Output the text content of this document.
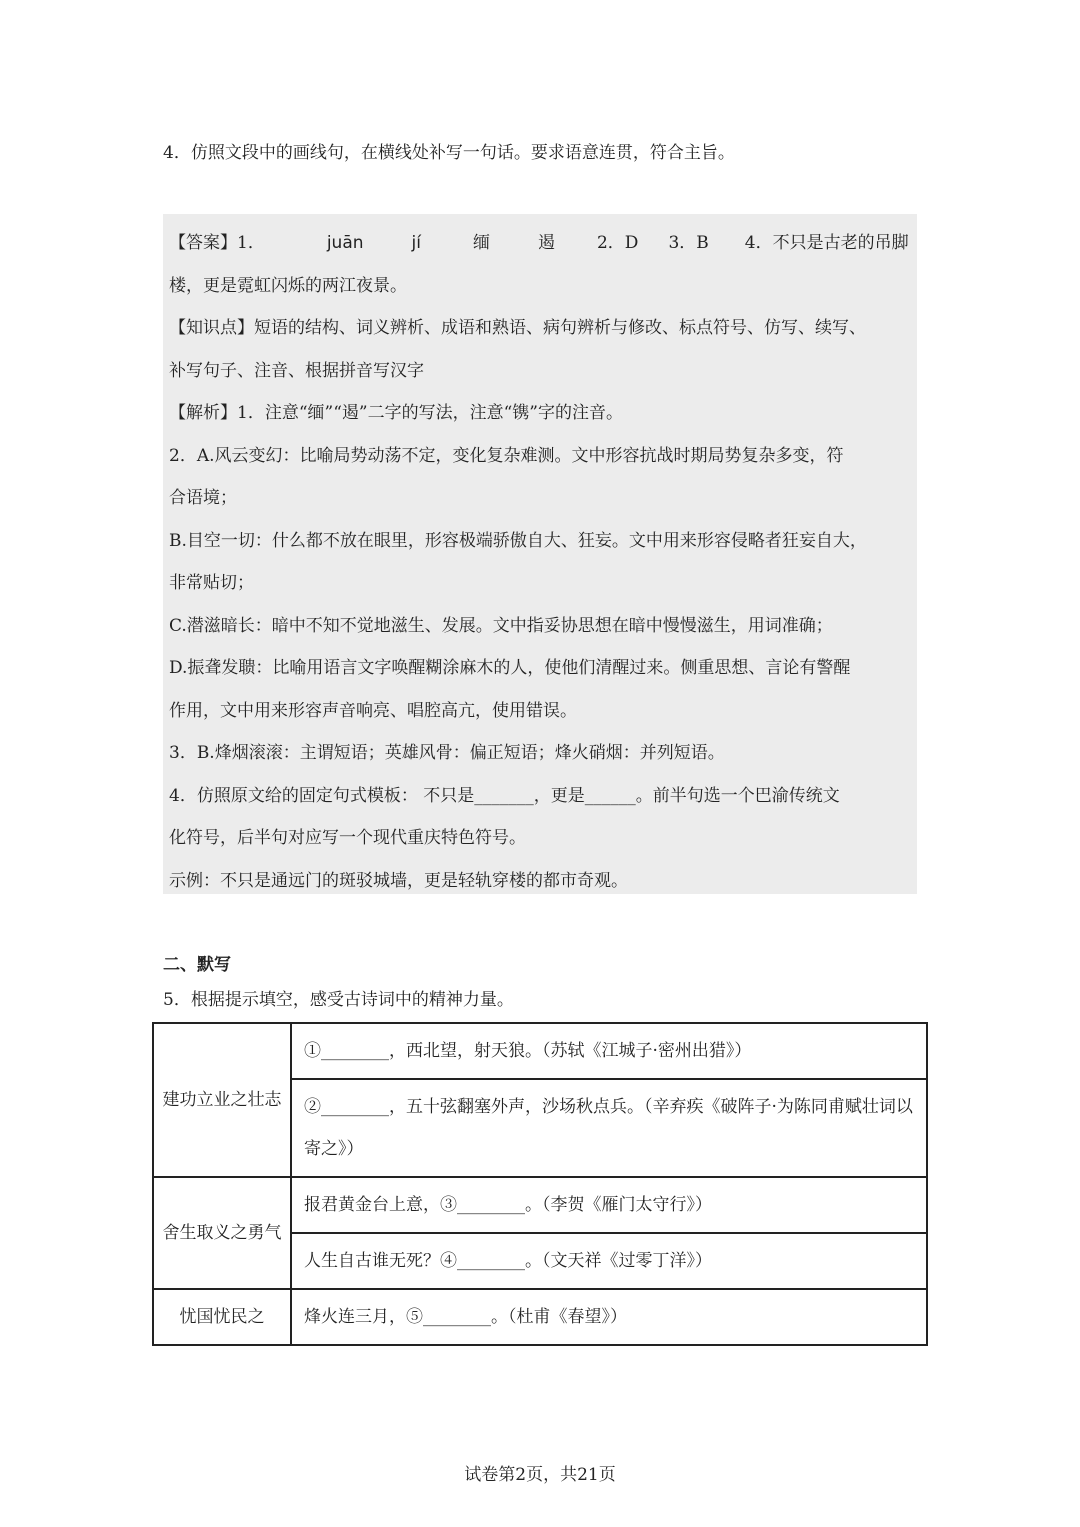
4．仿照文段中的画线句，在横线处补写一句话。要求语意连贯，符合主旨。

【答案】1．	juān	jí	缅	遏 2．D 3．B 4．不只是古老的吊脚

楼，更是霓虹闪烁的两江夜景。

【知识点】短语的结构、词义辨析、成语和熟语、病句辨析与修改、标点符号、仿写、续写、

补写句子、注音、根据拼音写汉字

【解析】1．注意“缅”“遏”二字的写法，注意“镌”字的注音。

2．A.风云变幻：比喻局势动荡不定，变化复杂难测。文中形容抗战时期局势复杂多变，符

合语境；

B.目空一切：什么都不放在眼里，形容极端骄傲自大、狂妄。文中用来形容侵略者狂妄自大，

非常贴切；

C.潜滋暗长：暗中不知不觉地滋生、发展。文中指妥协思想在暗中慢慢滋生，用词准确；

D.振聋发聩：比喻用语言文字唤醒糊涂麻木的人，使他们清醒过来。侧重思想、言论有警醒

作用，文中用来形容声音响亮、唱腔高亢，使用错误。

3．B.烽烟滚滚：主谓短语；英雄风骨：偏正短语；烽火硝烟：并列短语。

4．仿照原文给的固定句式模板： 不只是_______，更是______。前半句选一个巴渝传统文

化符号，后半句对应写一个现代重庆特色符号。

示例：不只是通远门的斑驳城墙，更是轻轨穿楼的都市奇观。

二、默写
5．根据提示填空，感受古诗词中的精神力量。
建功立业之壮志	①________，西北望，射天狼。（苏轼《江城子·密州出猎》）
	②________，五十弦翻塞外声，沙场秋点兵。（辛弃疾《破阵子·为陈同甫赋壮词以寄之》）
舍生取义之勇气	报君黄金台上意，③________。（李贺《雁门太守行》）
	人生自古谁无死？④________。（文天祥《过零丁洋》）
忧国忧民之	烽火连三月，⑤________。（杜甫《春望》）
试卷第2页，共21页
